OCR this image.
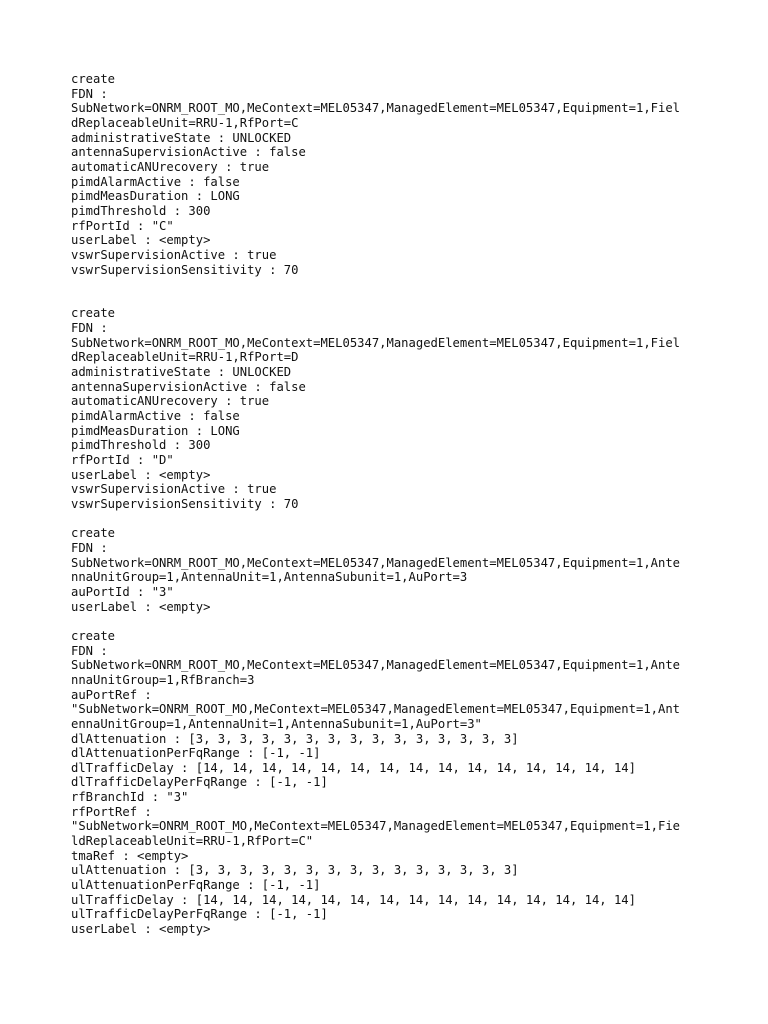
create
FDN :
SubNetwork=ONRM_ROOT_MO,MeContext=MEL05347,ManagedElement=MEL05347,Equipment=1,Fiel
dReplaceableUnit=RRU-1,RfPort=C
administrativeState : UNLOCKED
antennaSupervisionActive : false
automaticANUrecovery : true
pimdAlarmActive : false
pimdMeasDuration : LONG
pimdThreshold : 300
rfPortId : "C"
userLabel : <empty>
vswrSupervisionActive : true
vswrSupervisionSensitivity : 70
create
FDN :
SubNetwork=ONRM_ROOT_MO,MeContext=MEL05347,ManagedElement=MEL05347,Equipment=1,Fiel
dReplaceableUnit=RRU-1,RfPort=D
administrativeState : UNLOCKED
antennaSupervisionActive : false
automaticANUrecovery : true
pimdAlarmActive : false
pimdMeasDuration : LONG
pimdThreshold : 300
rfPortId : "D"
userLabel : <empty>
vswrSupervisionActive : true
vswrSupervisionSensitivity : 70
create
FDN :
SubNetwork=ONRM_ROOT_MO,MeContext=MEL05347,ManagedElement=MEL05347,Equipment=1,Ante
nnaUnitGroup=1,AntennaUnit=1,AntennaSubunit=1,AuPort=3
auPortId : "3"
userLabel : <empty>
create
FDN :
SubNetwork=ONRM_ROOT_MO,MeContext=MEL05347,ManagedElement=MEL05347,Equipment=1,Ante
nnaUnitGroup=1,RfBranch=3
auPortRef :
"SubNetwork=ONRM_ROOT_MO,MeContext=MEL05347,ManagedElement=MEL05347,Equipment=1,Ant
ennaUnitGroup=1,AntennaUnit=1,AntennaSubunit=1,AuPort=3"
dlAttenuation : [3, 3, 3, 3, 3, 3, 3, 3, 3, 3, 3, 3, 3, 3, 3]
dlAttenuationPerFqRange : [-1, -1]
dlTrafficDelay : [14, 14, 14, 14, 14, 14, 14, 14, 14, 14, 14, 14, 14, 14, 14]
dlTrafficDelayPerFqRange : [-1, -1]
rfBranchId : "3"
rfPortRef :
"SubNetwork=ONRM_ROOT_MO,MeContext=MEL05347,ManagedElement=MEL05347,Equipment=1,Fie
ldReplaceableUnit=RRU-1,RfPort=C"
tmaRef : <empty>
ulAttenuation : [3, 3, 3, 3, 3, 3, 3, 3, 3, 3, 3, 3, 3, 3, 3]
ulAttenuationPerFqRange : [-1, -1]
ulTrafficDelay : [14, 14, 14, 14, 14, 14, 14, 14, 14, 14, 14, 14, 14, 14, 14]
ulTrafficDelayPerFqRange : [-1, -1]
userLabel : <empty>
